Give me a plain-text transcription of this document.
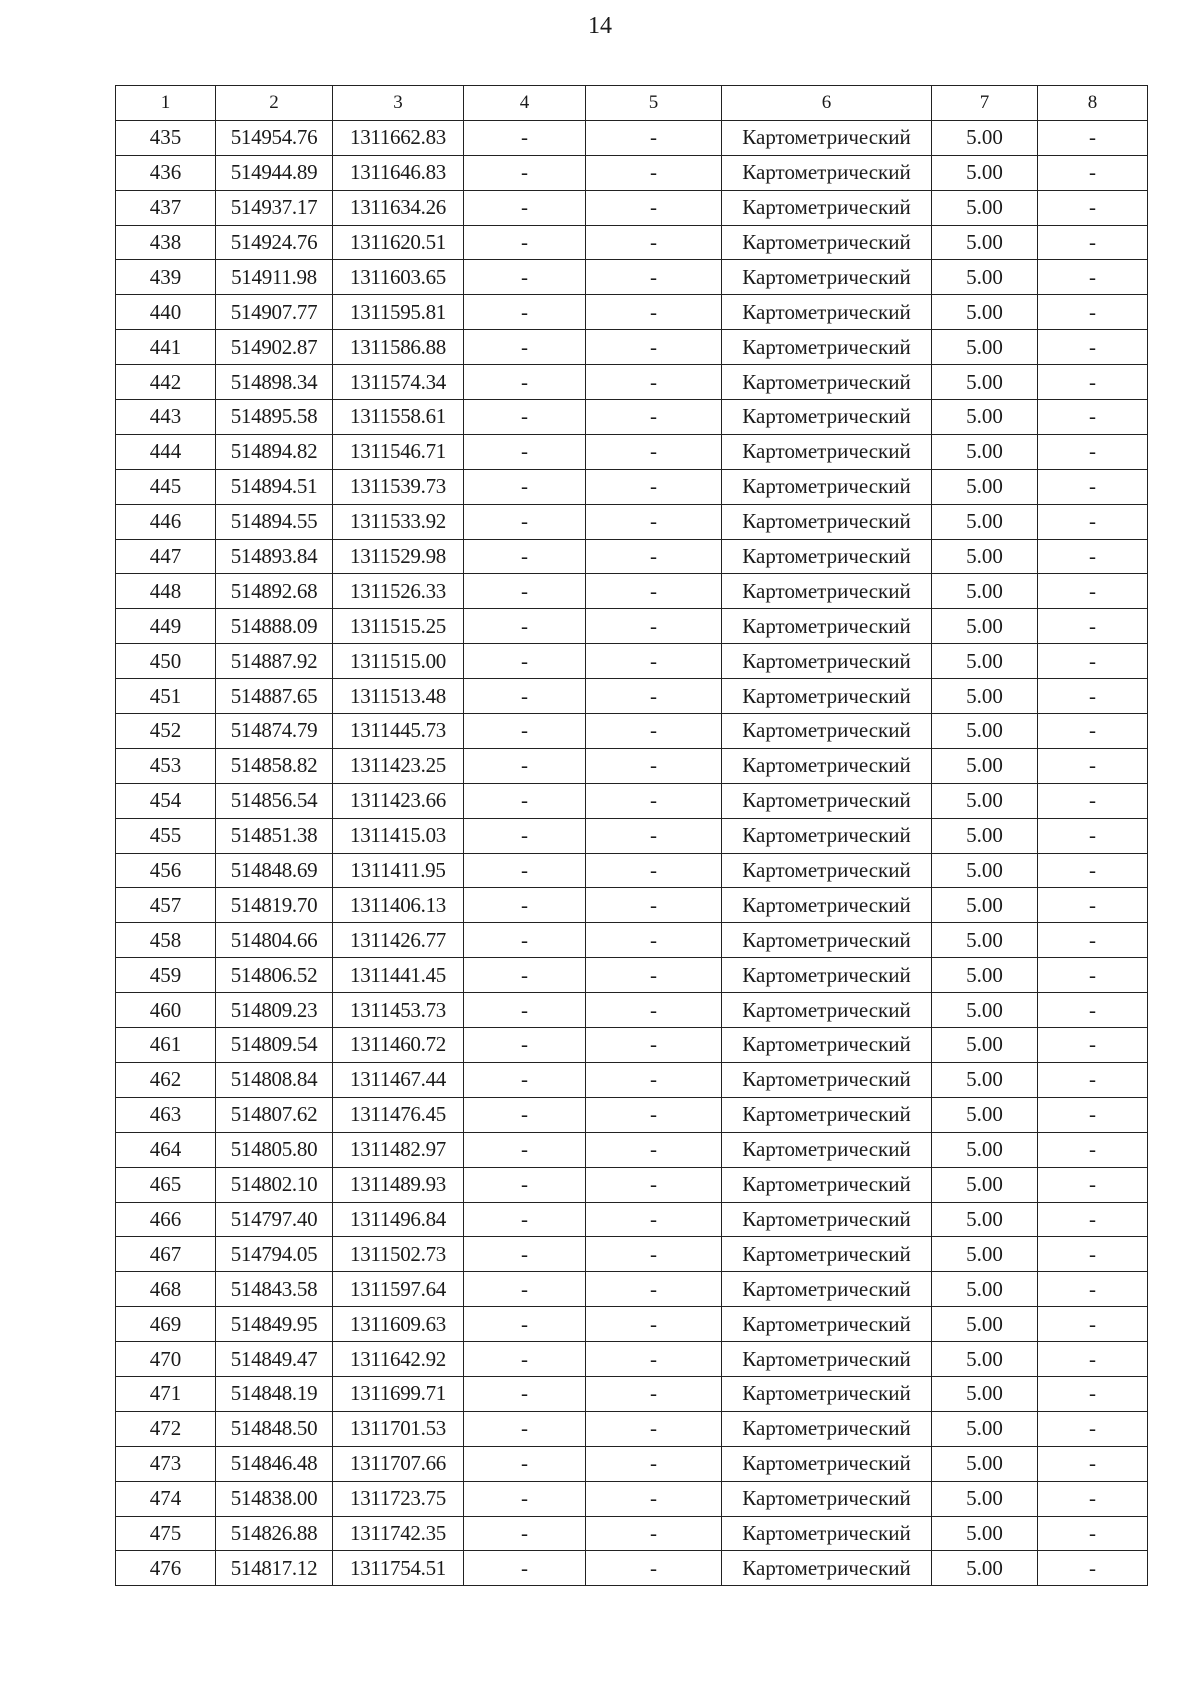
14
1	2	3	4	5	6	7	8
435	514954.76	1311662.83	-	-	Картометрический	5.00	-
436	514944.89	1311646.83	-	-	Картометрический	5.00	-
437	514937.17	1311634.26	-	-	Картометрический	5.00	-
438	514924.76	1311620.51	-	-	Картометрический	5.00	-
439	514911.98	1311603.65	-	-	Картометрический	5.00	-
440	514907.77	1311595.81	-	-	Картометрический	5.00	-
441	514902.87	1311586.88	-	-	Картометрический	5.00	-
442	514898.34	1311574.34	-	-	Картометрический	5.00	-
443	514895.58	1311558.61	-	-	Картометрический	5.00	-
444	514894.82	1311546.71	-	-	Картометрический	5.00	-
445	514894.51	1311539.73	-	-	Картометрический	5.00	-
446	514894.55	1311533.92	-	-	Картометрический	5.00	-
447	514893.84	1311529.98	-	-	Картометрический	5.00	-
448	514892.68	1311526.33	-	-	Картометрический	5.00	-
449	514888.09	1311515.25	-	-	Картометрический	5.00	-
450	514887.92	1311515.00	-	-	Картометрический	5.00	-
451	514887.65	1311513.48	-	-	Картометрический	5.00	-
452	514874.79	1311445.73	-	-	Картометрический	5.00	-
453	514858.82	1311423.25	-	-	Картометрический	5.00	-
454	514856.54	1311423.66	-	-	Картометрический	5.00	-
455	514851.38	1311415.03	-	-	Картометрический	5.00	-
456	514848.69	1311411.95	-	-	Картометрический	5.00	-
457	514819.70	1311406.13	-	-	Картометрический	5.00	-
458	514804.66	1311426.77	-	-	Картометрический	5.00	-
459	514806.52	1311441.45	-	-	Картометрический	5.00	-
460	514809.23	1311453.73	-	-	Картометрический	5.00	-
461	514809.54	1311460.72	-	-	Картометрический	5.00	-
462	514808.84	1311467.44	-	-	Картометрический	5.00	-
463	514807.62	1311476.45	-	-	Картометрический	5.00	-
464	514805.80	1311482.97	-	-	Картометрический	5.00	-
465	514802.10	1311489.93	-	-	Картометрический	5.00	-
466	514797.40	1311496.84	-	-	Картометрический	5.00	-
467	514794.05	1311502.73	-	-	Картометрический	5.00	-
468	514843.58	1311597.64	-	-	Картометрический	5.00	-
469	514849.95	1311609.63	-	-	Картометрический	5.00	-
470	514849.47	1311642.92	-	-	Картометрический	5.00	-
471	514848.19	1311699.71	-	-	Картометрический	5.00	-
472	514848.50	1311701.53	-	-	Картометрический	5.00	-
473	514846.48	1311707.66	-	-	Картометрический	5.00	-
474	514838.00	1311723.75	-	-	Картометрический	5.00	-
475	514826.88	1311742.35	-	-	Картометрический	5.00	-
476	514817.12	1311754.51	-	-	Картометрический	5.00	-
